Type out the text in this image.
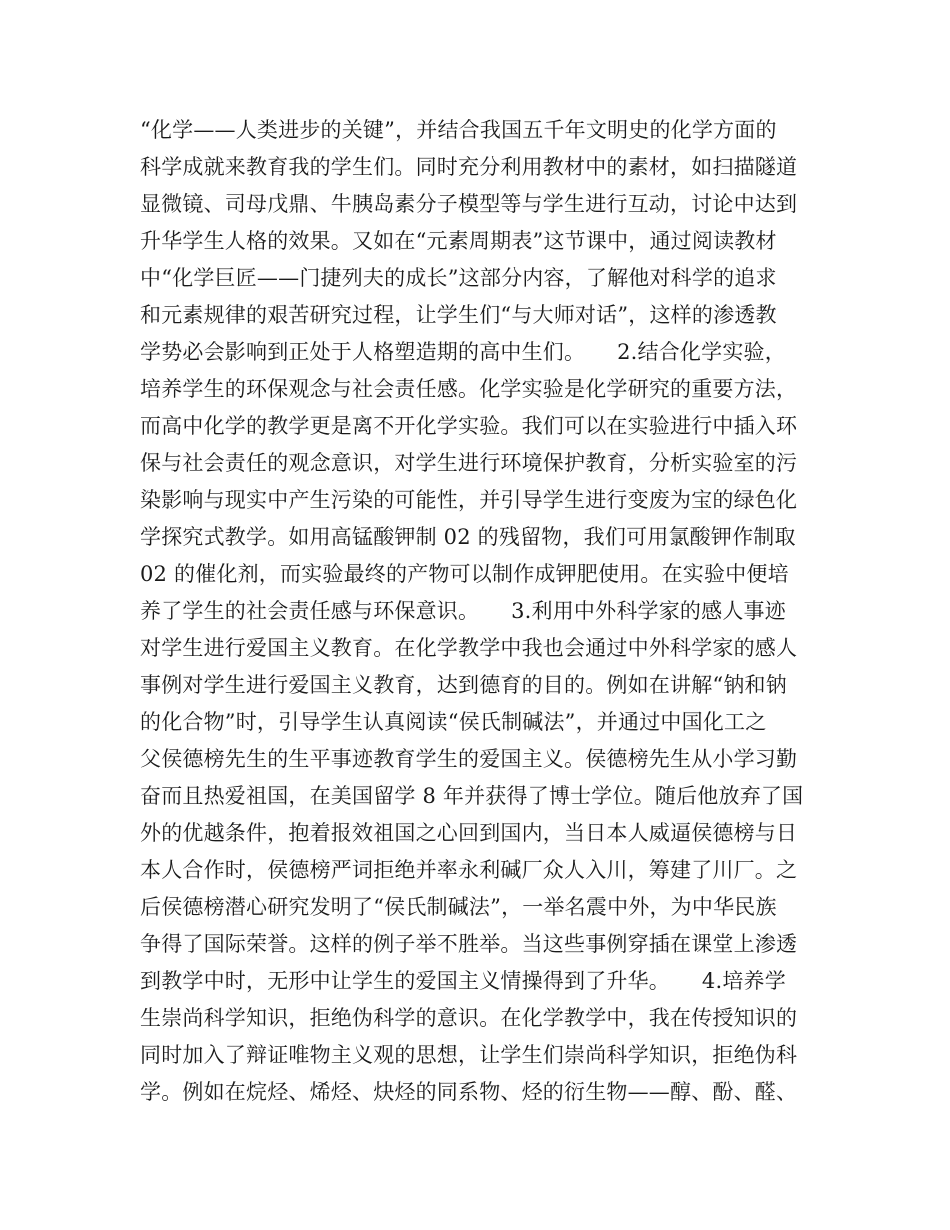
“化学——人类进步的关键”，并结合我国五千年文明史的化学方面的
科学成就来教育我的学生们。同时充分利用教材中的素材，如扫描隧道
显微镜、司母戊鼎、牛胰岛素分子模型等与学生进行互动，讨论中达到
升华学生人格的效果。又如在“元素周期表”这节课中，通过阅读教材
中“化学巨匠——门捷列夫的成长”这部分内容，了解他对科学的追求
和元素规律的艰苦研究过程，让学生们“与大师对话”，这样的渗透教
学势必会影响到正处于人格塑造期的高中生们。　　2.结合化学实验，
培养学生的环保观念与社会责任感。化学实验是化学研究的重要方法，
而高中化学的教学更是离不开化学实验。我们可以在实验进行中插入环
保与社会责任的观念意识，对学生进行环境保护教育，分析实验室的污
染影响与现实中产生污染的可能性，并引导学生进行变废为宝的绿色化
学探究式教学。如用高锰酸钾制 02 的残留物，我们可用氯酸钾作制取
02 的催化剂，而实验最终的产物可以制作成钾肥使用。在实验中便培
养了学生的社会责任感与环保意识。　　3.利用中外科学家的感人事迹
对学生进行爱国主义教育。在化学教学中我也会通过中外科学家的感人
事例对学生进行爱国主义教育，达到德育的目的。例如在讲解“钠和钠
的化合物”时，引导学生认真阅读“侯氏制碱法”，并通过中国化工之
父侯德榜先生的生平事迹教育学生的爱国主义。侯德榜先生从小学习勤
奋而且热爱祖国，在美国留学 8 年并获得了博士学位。随后他放弃了国
外的优越条件，抱着报效祖国之心回到国内，当日本人威逼侯德榜与日
本人合作时，侯德榜严词拒绝并率永利碱厂众人入川，筹建了川厂。之
后侯德榜潜心研究发明了“侯氏制碱法”，一举名震中外，为中华民族
争得了国际荣誉。这样的例子举不胜举。当这些事例穿插在课堂上渗透
到教学中时，无形中让学生的爱国主义情操得到了升华。　　4.培养学
生崇尚科学知识，拒绝伪科学的意识。在化学教学中，我在传授知识的
同时加入了辩证唯物主义观的思想，让学生们崇尚科学知识，拒绝伪科
学。例如在烷烃、烯烃、炔烃的同系物、烃的衍生物——醇、酚、醛、
